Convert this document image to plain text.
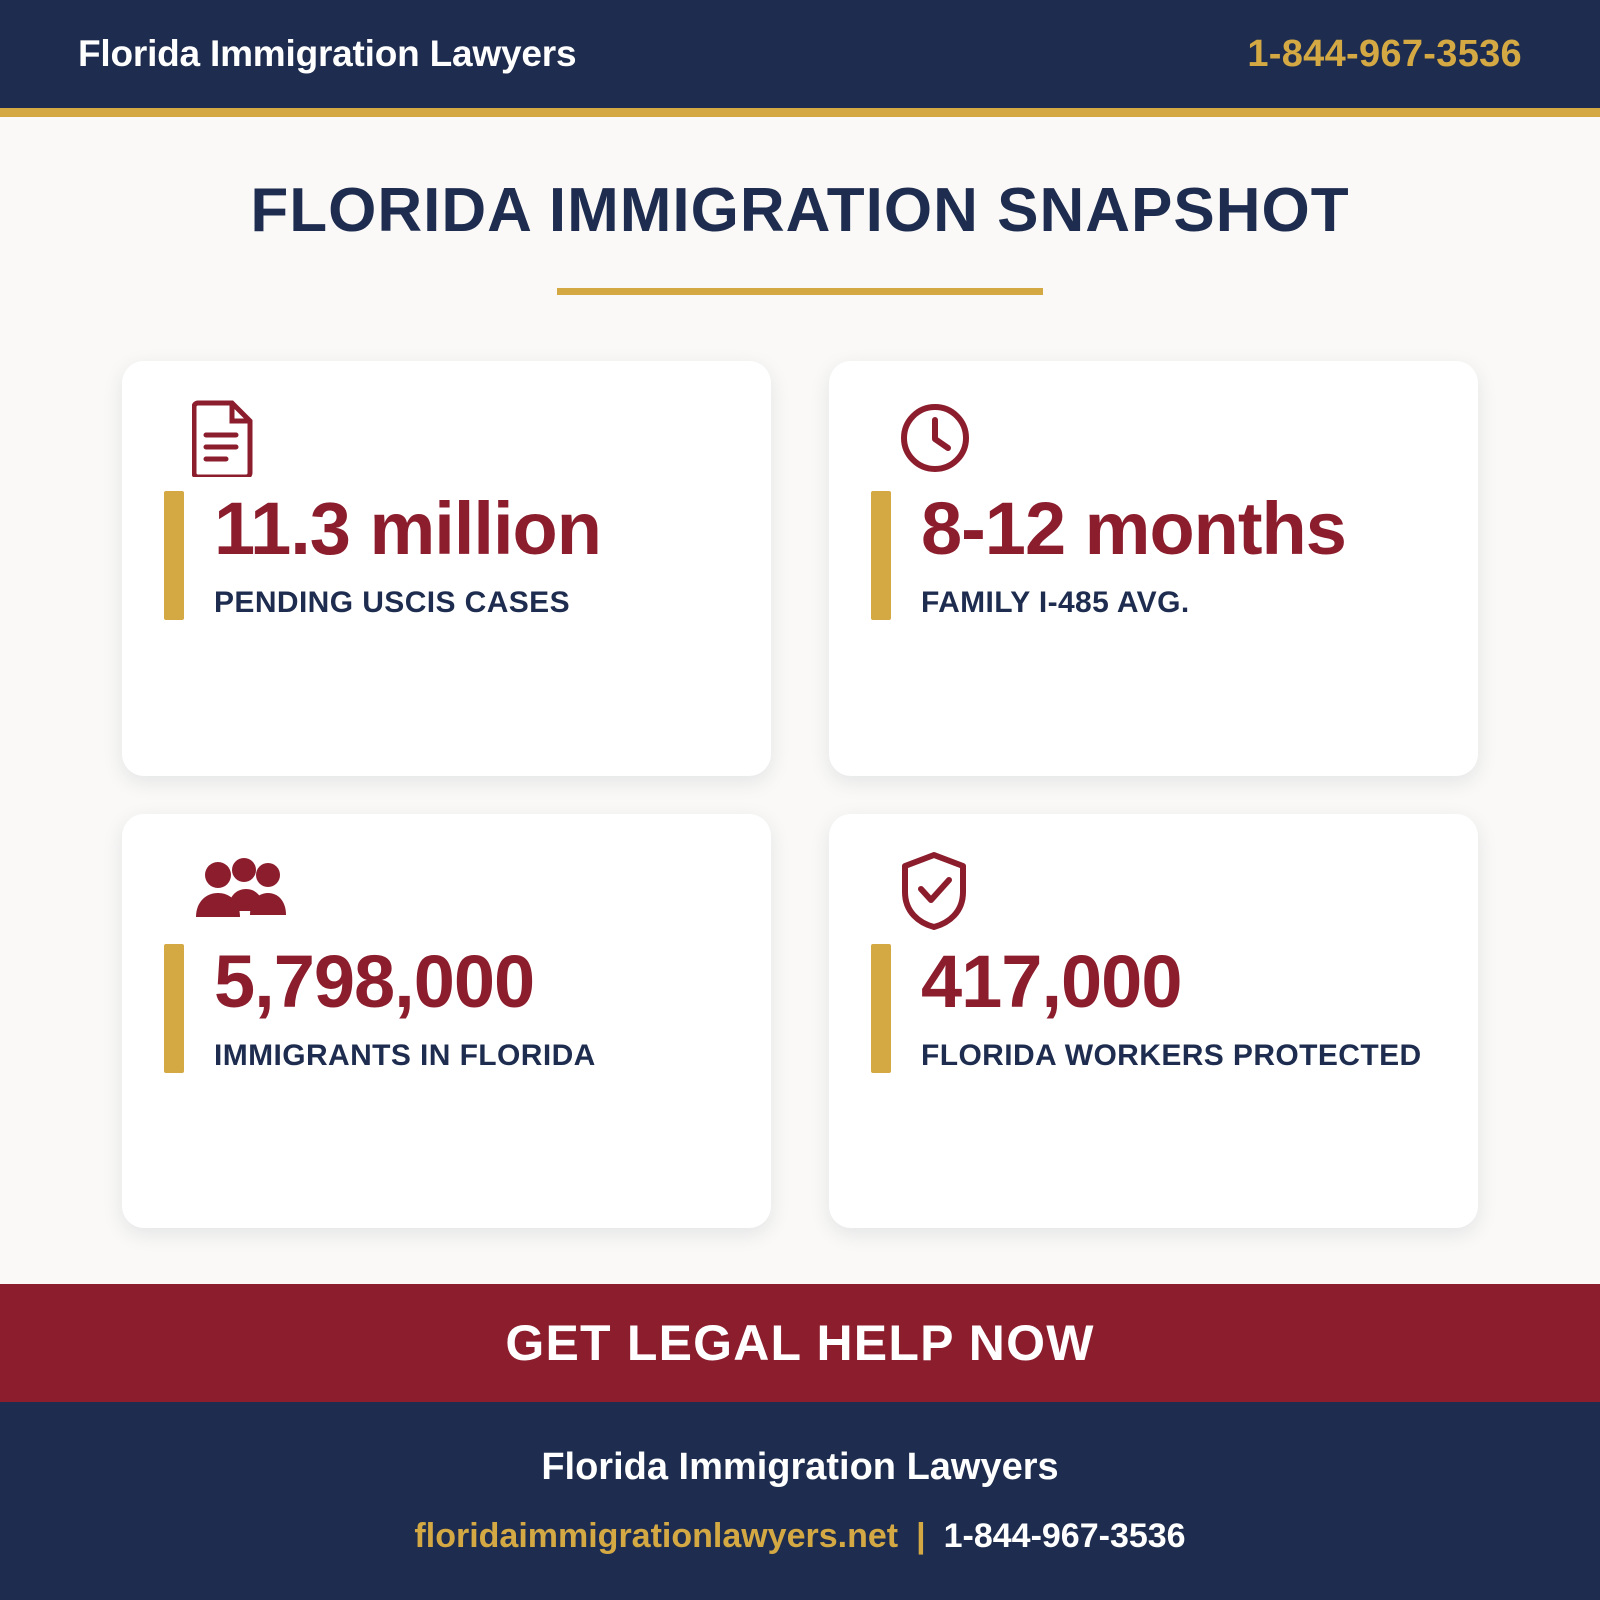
Florida Immigration Lawyers	1-844-967-3536
FLORIDA IMMIGRATION SNAPSHOT
11.3 million
PENDING USCIS CASES
8-12 months
FAMILY I-485 AVG.
5,798,000
IMMIGRANTS IN FLORIDA
417,000
FLORIDA WORKERS PROTECTED
GET LEGAL HELP NOW
Florida Immigration Lawyers
floridaimmigrationlawyers.net | 1-844-967-3536
